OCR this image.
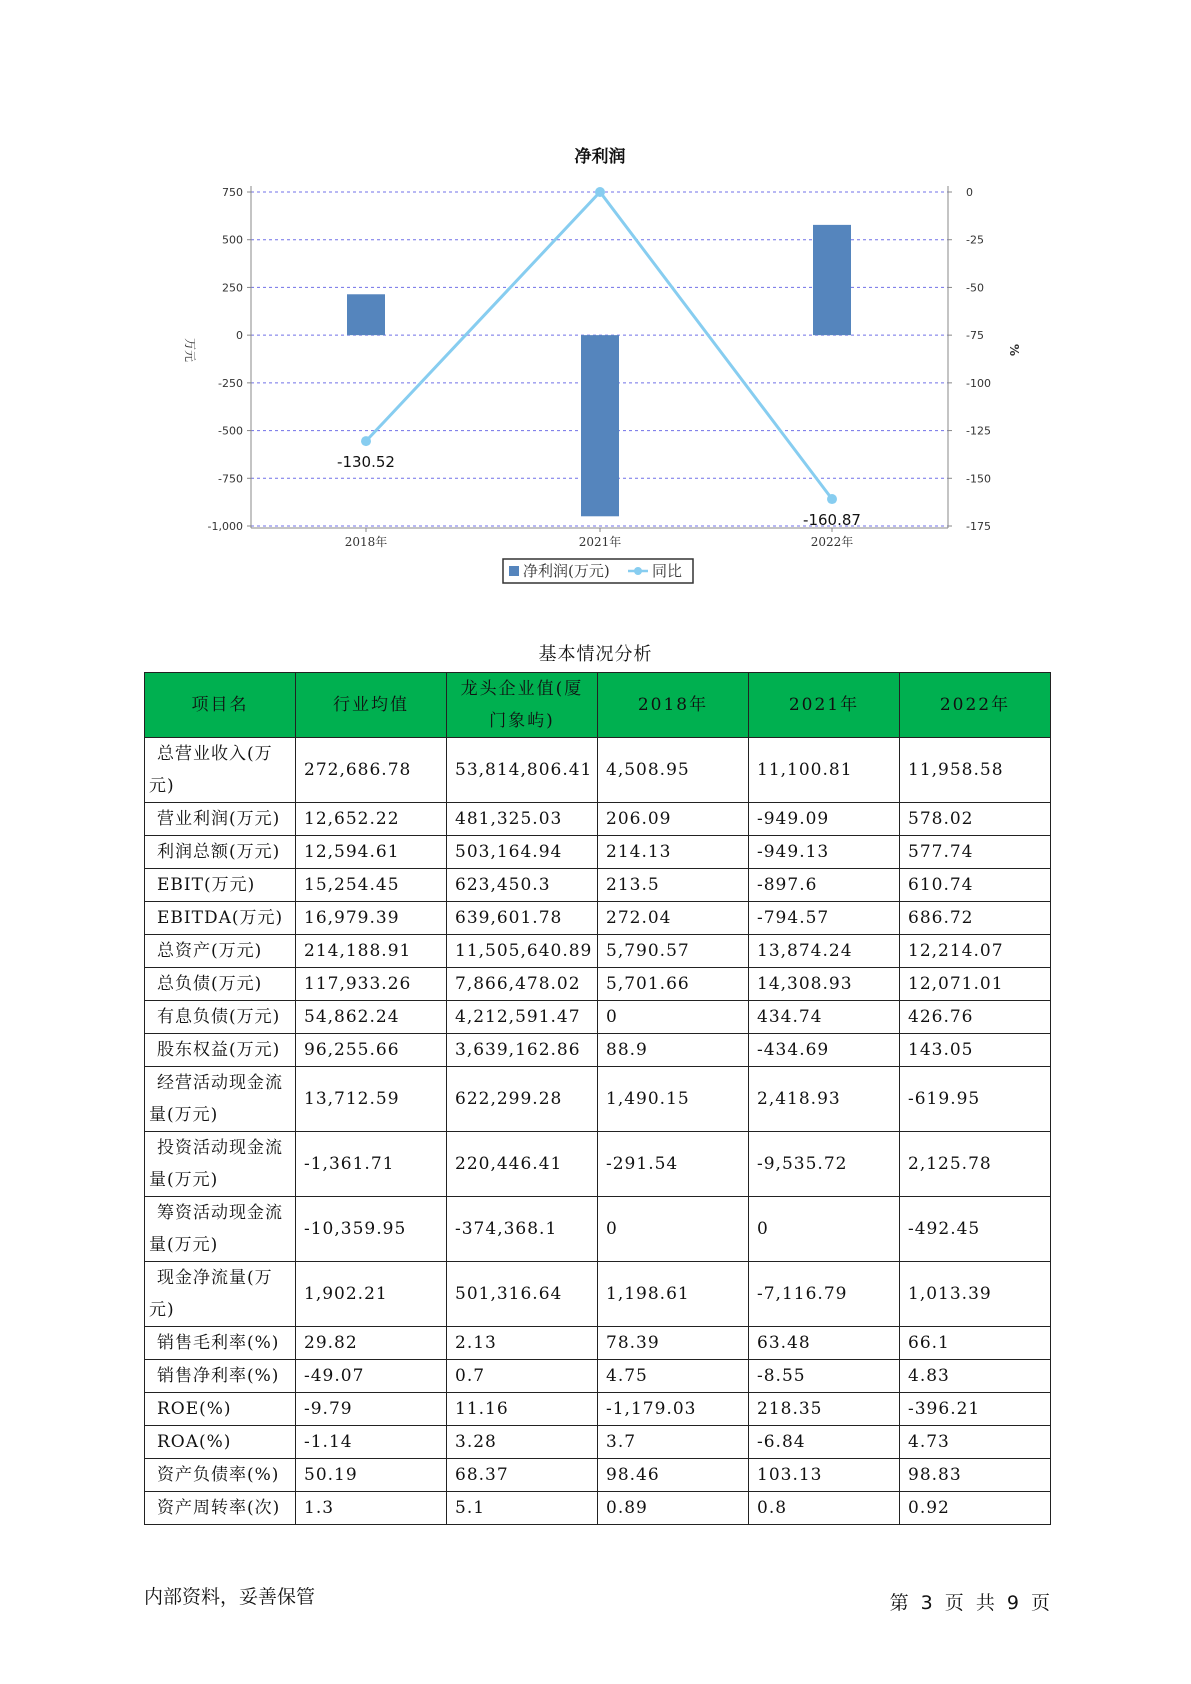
净利润
750
500
250
0
-250
-500
-750
-1,000
0
-25
-50
-75
-100
-125
-150
-175
万元	%
-130.52
-160.87
2018年	2021年	2022年
净利润(万元)	同比
基本情况分析
项目名	行业均值	龙头企业值(厦门象屿)	2018年	2021年	2022年
总营业收入(万元)	272,686.78	53,814,806.41	4,508.95	11,100.81	11,958.58
营业利润(万元)	12,652.22	481,325.03	206.09	-949.09	578.02
利润总额(万元)	12,594.61	503,164.94	214.13	-949.13	577.74
EBIT(万元)	15,254.45	623,450.3	213.5	-897.6	610.74
EBITDA(万元)	16,979.39	639,601.78	272.04	-794.57	686.72
总资产(万元)	214,188.91	11,505,640.89	5,790.57	13,874.24	12,214.07
总负债(万元)	117,933.26	7,866,478.02	5,701.66	14,308.93	12,071.01
有息负债(万元)	54,862.24	4,212,591.47	0	434.74	426.76
股东权益(万元)	96,255.66	3,639,162.86	88.9	-434.69	143.05
经营活动现金流量(万元)	13,712.59	622,299.28	1,490.15	2,418.93	-619.95
投资活动现金流量(万元)	-1,361.71	220,446.41	-291.54	-9,535.72	2,125.78
筹资活动现金流量(万元)	-10,359.95	-374,368.1	0	0	-492.45
现金净流量(万元)	1,902.21	501,316.64	1,198.61	-7,116.79	1,013.39
销售毛利率(%)	29.82	2.13	78.39	63.48	66.1
销售净利率(%)	-49.07	0.7	4.75	-8.55	4.83
ROE(%)	-9.79	11.16	-1,179.03	218.35	-396.21
ROA(%)	-1.14	3.28	3.7	-6.84	4.73
资产负债率(%)	50.19	68.37	98.46	103.13	98.83
资产周转率(次)	1.3	5.1	0.89	0.8	0.92
内部资料，妥善保管	第 3 页 共 9 页
